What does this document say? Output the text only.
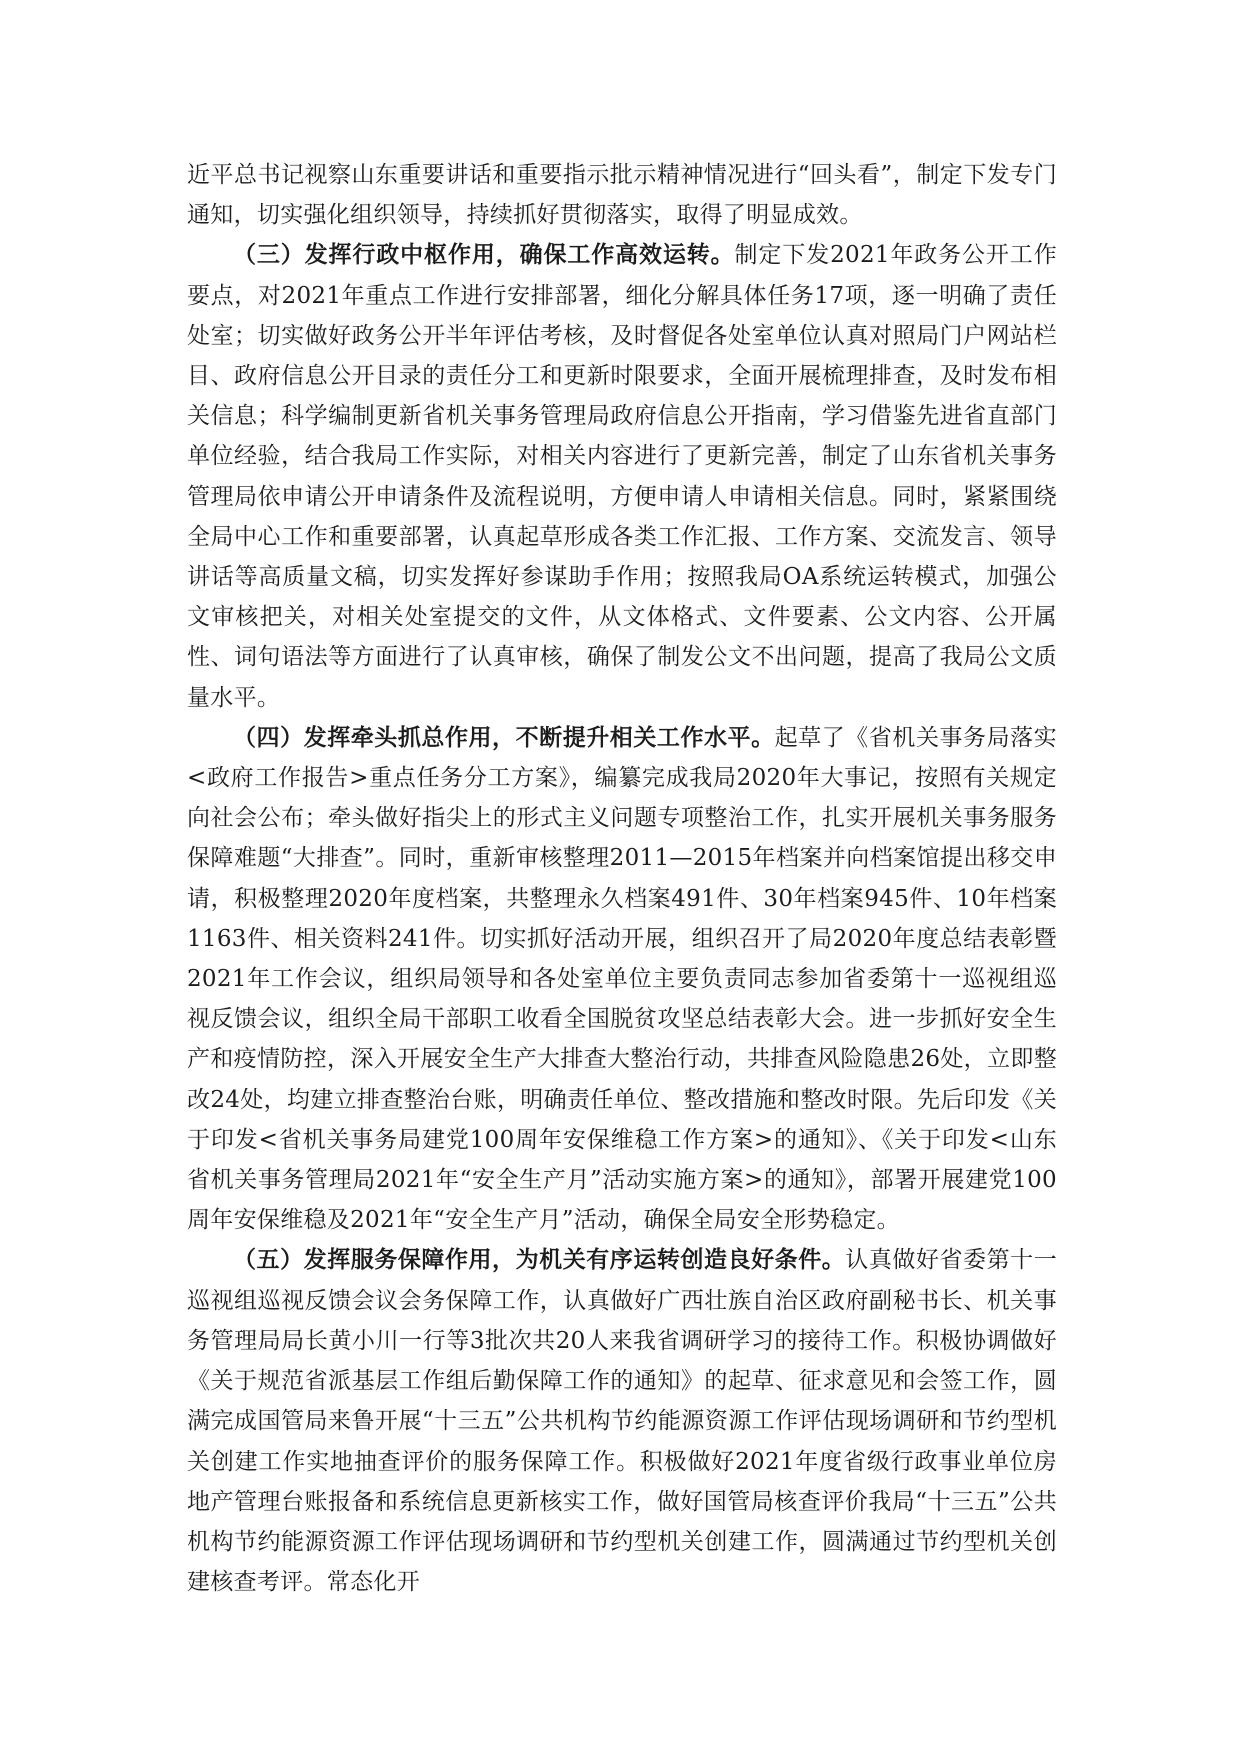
近平总书记视察山东重要讲话和重要指示批示精神情况进行“回头看”，制定下发专门通知，切实强化组织领导，持续抓好贯彻落实，取得了明显成效。

（三）发挥行政中枢作用，确保工作高效运转。制定下发2021年政务公开工作要点，对2021年重点工作进行安排部署，细化分解具体任务17项，逐一明确了责任处室；切实做好政务公开半年评估考核，及时督促各处室单位认真对照局门户网站栏目、政府信息公开目录的责任分工和更新时限要求，全面开展梳理排查，及时发布相关信息；科学编制更新省机关事务管理局政府信息公开指南，学习借鉴先进省直部门单位经验，结合我局工作实际，对相关内容进行了更新完善，制定了山东省机关事务管理局依申请公开申请条件及流程说明，方便申请人申请相关信息。同时，紧紧围绕全局中心工作和重要部署，认真起草形成各类工作汇报、工作方案、交流发言、领导讲话等高质量文稿，切实发挥好参谋助手作用；按照我局OA系统运转模式，加强公文审核把关，对相关处室提交的文件，从文体格式、文件要素、公文内容、公开属性、词句语法等方面进行了认真审核，确保了制发公文不出问题，提高了我局公文质量水平。

（四）发挥牵头抓总作用，不断提升相关工作水平。起草了《省机关事务局落实<政府工作报告>重点任务分工方案》，编纂完成我局2020年大事记，按照有关规定向社会公布；牵头做好指尖上的形式主义问题专项整治工作，扎实开展机关事务服务保障难题“大排查”。同时，重新审核整理2011—2015年档案并向档案馆提出移交申请，积极整理2020年度档案，共整理永久档案491件、30年档案945件、10年档案1163件、相关资料241件。切实抓好活动开展，组织召开了局2020年度总结表彰暨2021年工作会议，组织局领导和各处室单位主要负责同志参加省委第十一巡视组巡视反馈会议，组织全局干部职工收看全国脱贫攻坚总结表彰大会。进一步抓好安全生产和疫情防控，深入开展安全生产大排查大整治行动，共排查风险隐患26处，立即整改24处，均建立排查整治台账，明确责任单位、整改措施和整改时限。先后印发《关于印发<省机关事务局建党100周年安保维稳工作方案>的通知》、《关于印发<山东省机关事务管理局2021年“安全生产月”活动实施方案>的通知》，部署开展建党100周年安保维稳及2021年“安全生产月”活动，确保全局安全形势稳定。

（五）发挥服务保障作用，为机关有序运转创造良好条件。认真做好省委第十一巡视组巡视反馈会议会务保障工作，认真做好广西壮族自治区政府副秘书长、机关事务管理局局长黄小川一行等3批次共20人来我省调研学习的接待工作。积极协调做好《关于规范省派基层工作组后勤保障工作的通知》的起草、征求意见和会签工作，圆满完成国管局来鲁开展“十三五”公共机构节约能源资源工作评估现场调研和节约型机关创建工作实地抽查评价的服务保障工作。积极做好2021年度省级行政事业单位房地产管理台账报备和系统信息更新核实工作，做好国管局核查评价我局“十三五”公共机构节约能源资源工作评估现场调研和节约型机关创建工作，圆满通过节约型机关创建核查考评。常态化开
